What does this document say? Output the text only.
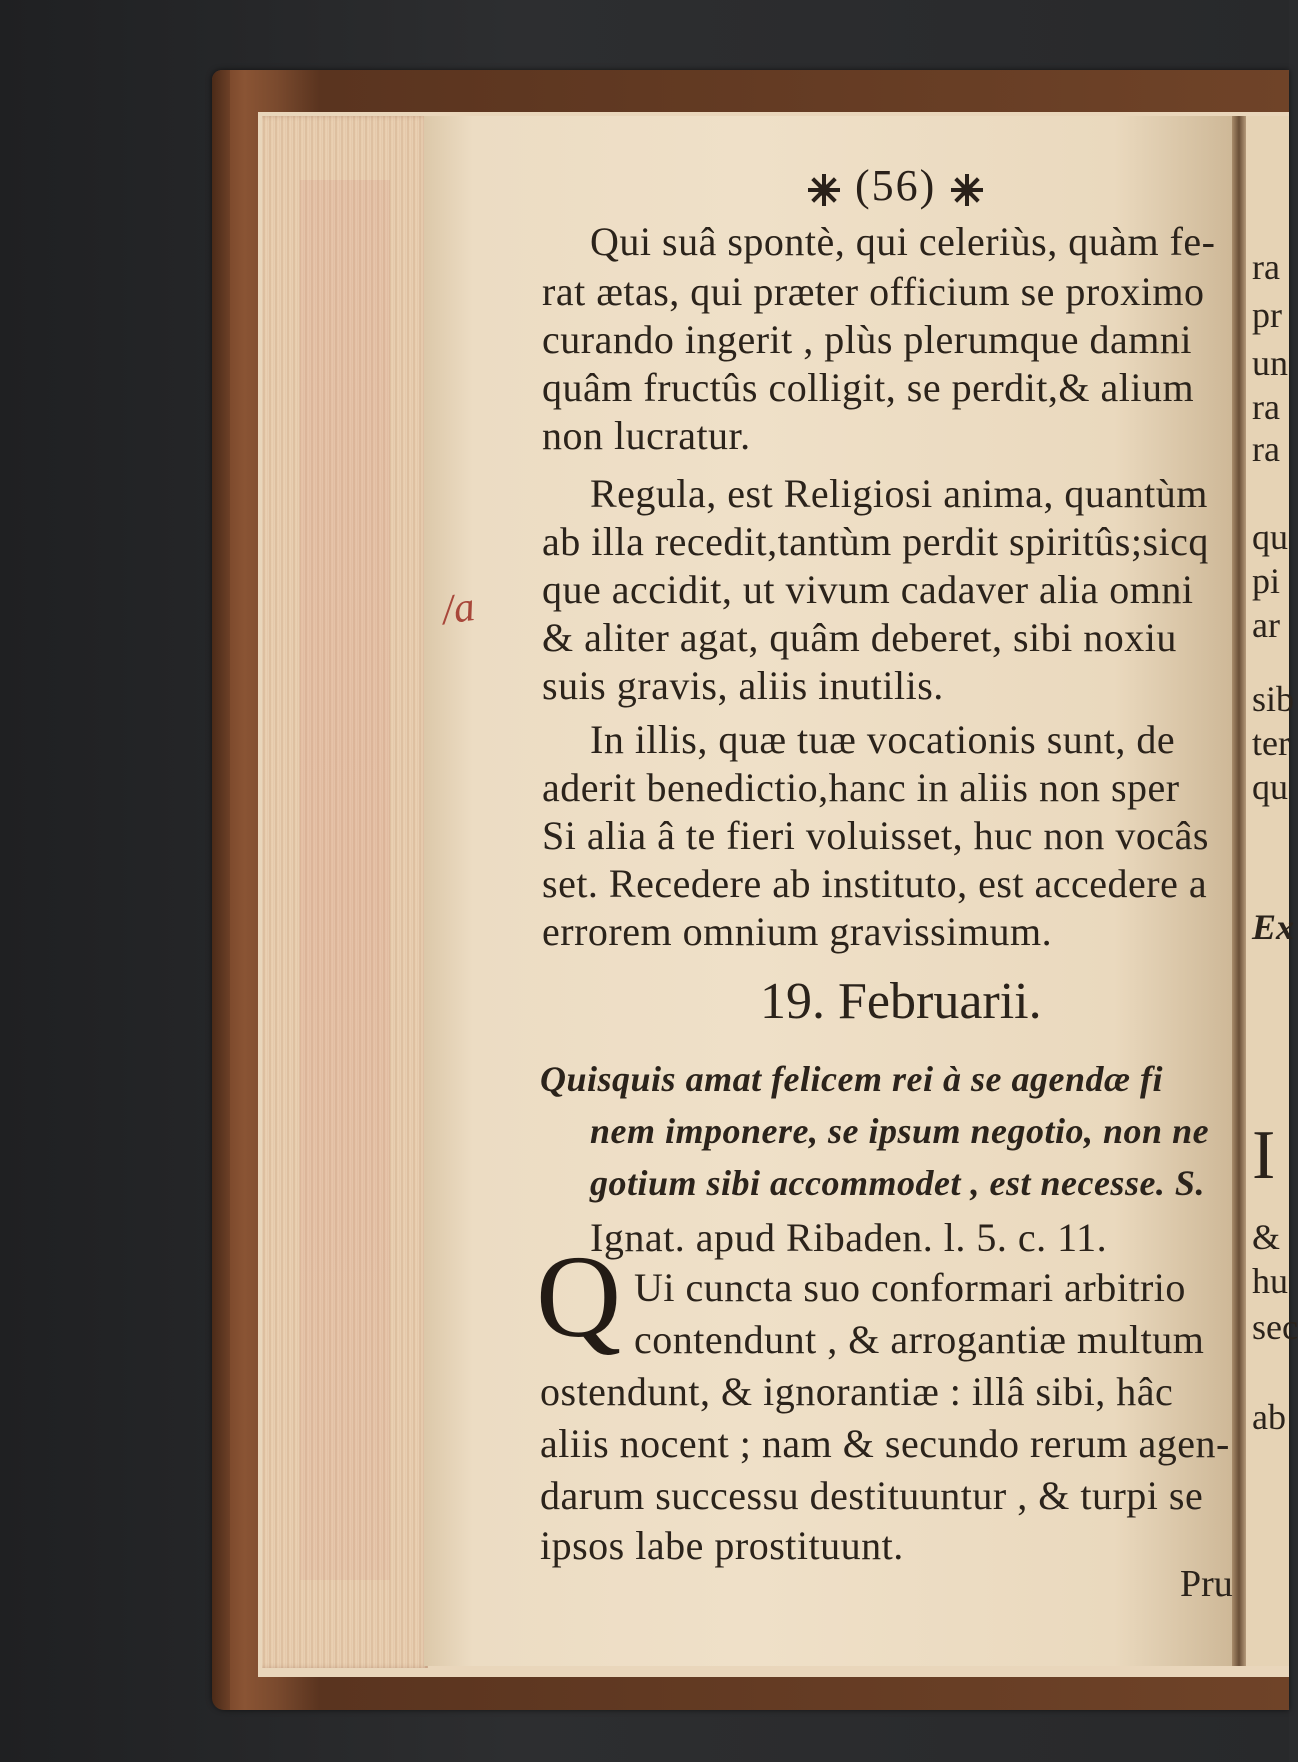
ra
pr
un
ra
ra
qu
pi
ar
sib
ter
qu
Ex
I
&
hu
sec
ab
/a
(56)
Qui suâ spontè, qui celeriùs, quàm fe-
rat ætas, qui præter officium se proximo
curando ingerit , plùs plerumque damni
quâm fructûs colligit, se perdit,& alium
non lucratur.
Regula, est Religiosi anima, quantùm
ab illa recedit,tantùm perdit spiritûs;sicq
que accidit, ut vivum cadaver alia omni
& aliter agat, quâm deberet, sibi noxiu
suis gravis, aliis inutilis.
In illis, quæ tuæ vocationis sunt, de
aderit benedictio,hanc in aliis non sper
Si alia â te fieri voluisset, huc non vocâs
set. Recedere ab instituto, est accedere a
errorem omnium gravissimum.
19. Februarii.
Quisquis amat felicem rei à se agendæ fi
nem imponere, se ipsum negotio, non ne
gotium sibi accommodet , est necesse. S.
Ignat. apud Ribaden. l. 5. c. 11.
Q Ui cuncta suo conformari arbitrio
contendunt , & arrogantiæ multum
ostendunt, & ignorantiæ : illâ sibi, hâc
aliis nocent ; nam & secundo rerum agen-
darum successu destituuntur , & turpi se
ipsos labe prostituunt.
Pru
